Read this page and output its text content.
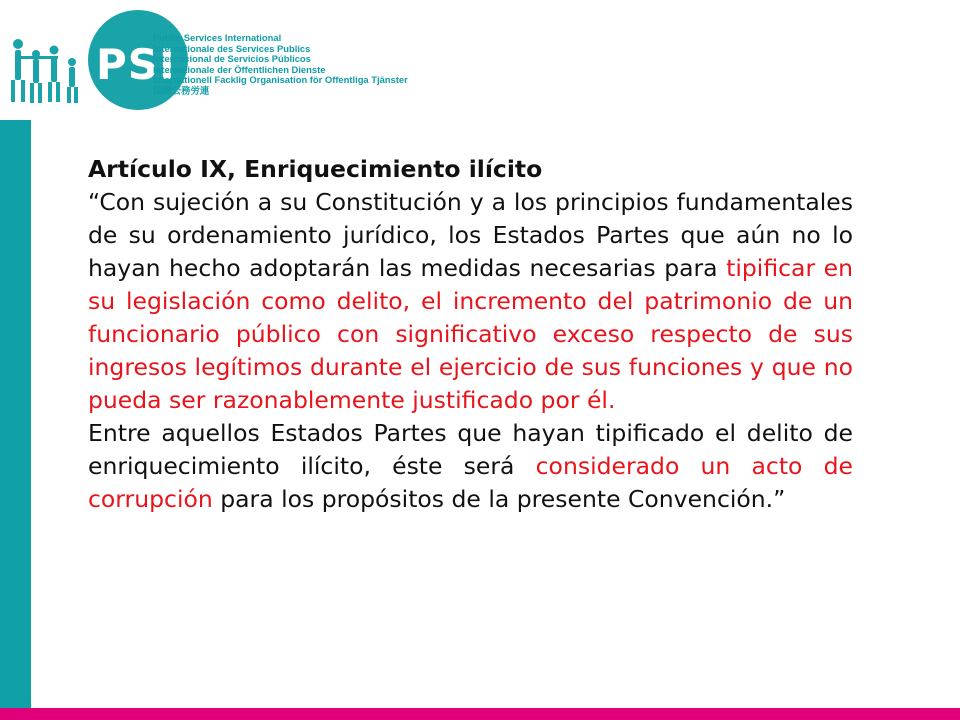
PSI
Public Services International
Internationale des Services Publics
Internacional de Servicios Públicos
Internationale der Öffentlichen Dienste
Internationell Facklig Organisation för Offentliga Tjänster
国際公務労連

Artículo IX, Enriquecimiento ilícito

“Con sujeción a su Constitución y a los principios fundamentales de su ordenamiento jurídico, los Estados Partes que aún no lo hayan hecho adoptarán las medidas necesarias para tipificar en su legislación como delito, el incremento del patrimonio de un funcionario público con significativo exceso respecto de sus ingresos legítimos durante el ejercicio de sus funciones y que no pueda ser razonablemente justificado por él.

Entre aquellos Estados Partes que hayan tipificado el delito de enriquecimiento ilícito, éste será considerado un acto de corrupción para los propósitos de la presente Convención.”
